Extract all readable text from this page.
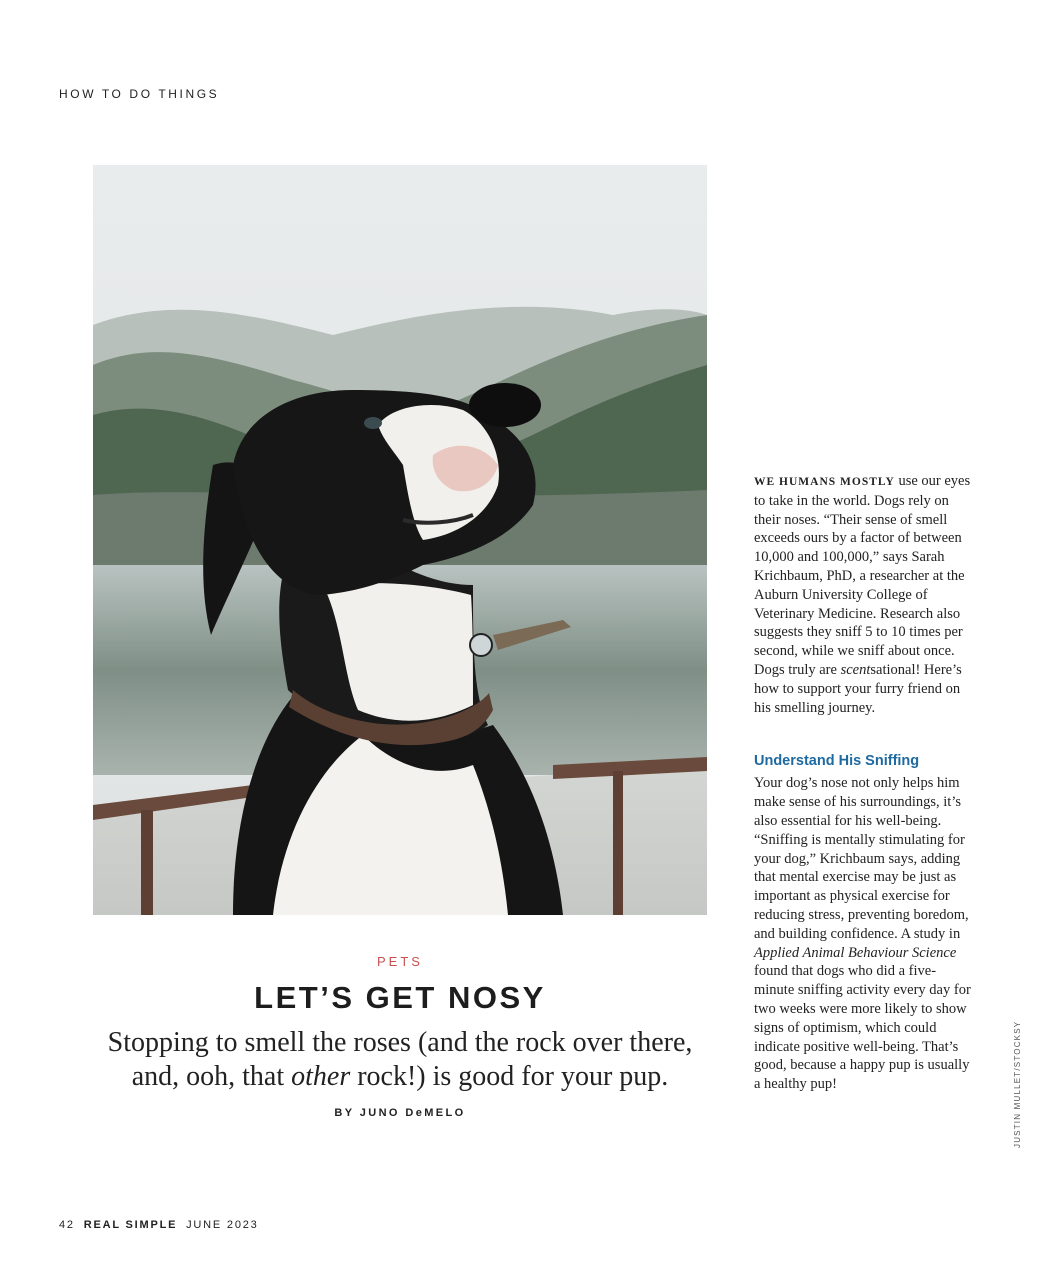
HOW TO DO THINGS
PETS
LET’S GET NOSY
Stopping to smell the roses (and the rock over there, and, ooh, that other rock!) is good for your pup.
BY JUNO DeMELO

WE HUMANS MOSTLY use our eyes to take in the world. Dogs rely on their noses. “Their sense of smell exceeds ours by a factor of between 10,000 and 100,000,” says Sarah Krichbaum, PhD, a researcher at the Auburn University College of Veterinary Medicine. Research also suggests they sniff 5 to 10 times per second, while we sniff about once. Dogs truly are scentsational! Here’s how to support your furry friend on his smelling journey.

Understand His Sniffing

Your dog’s nose not only helps him make sense of his surroundings, it’s also essential for his well-being. “Sniffing is mentally stimulating for your dog,” Krichbaum says, adding that mental exercise may be just as important as physical exercise for reducing stress, preventing boredom, and building confidence. A study in Applied Animal Behaviour Science found that dogs who did a five-minute sniffing activity every day for two weeks were more likely to show signs of optimism, which could indicate positive well-being. That’s good, because a happy pup is usually a healthy pup!	JUSTIN MULLET/STOCKSY
42 REAL SIMPLE JUNE 2023
